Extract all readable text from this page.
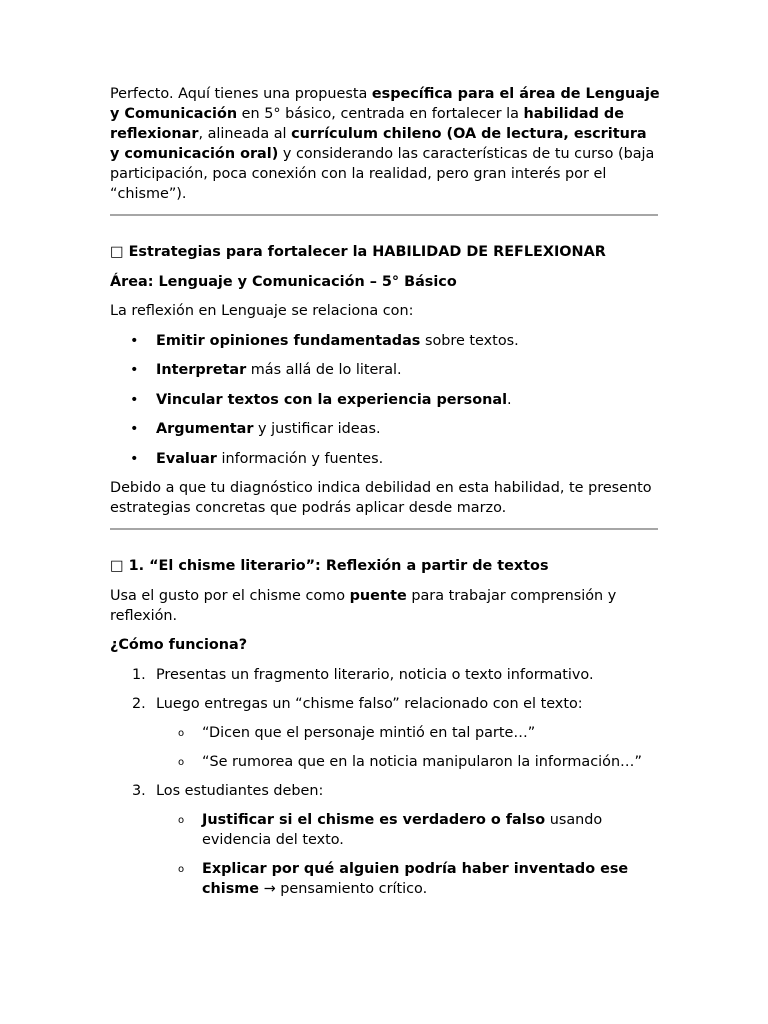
Perfecto. Aquí tienes una propuesta específica para el área de Lenguaje y Comunicación en 5° básico, centrada en fortalecer la habilidad de reflexionar, alineada al currículum chileno (OA de lectura, escritura y comunicación oral) y considerando las características de tu curso (baja participación, poca conexión con la realidad, pero gran interés por el “chisme”).

□ Estrategias para fortalecer la HABILIDAD DE REFLEXIONAR

Área: Lenguaje y Comunicación – 5° Básico

La reflexión en Lenguaje se relaciona con:

• Emitir opiniones fundamentadas sobre textos.
• Interpretar más allá de lo literal.
• Vincular textos con la experiencia personal.
• Argumentar y justificar ideas.
• Evaluar información y fuentes.

Debido a que tu diagnóstico indica debilidad en esta habilidad, te presento estrategias concretas que podrás aplicar desde marzo.

□ 1. “El chisme literario”: Reflexión a partir de textos

Usa el gusto por el chisme como puente para trabajar comprensión y reflexión.

¿Cómo funciona?

1. Presentas un fragmento literario, noticia o texto informativo.
2. Luego entregas un “chisme falso” relacionado con el texto:
o “Dicen que el personaje mintió en tal parte…”
o “Se rumorea que en la noticia manipularon la información…”
3. Los estudiantes deben:
o Justificar si el chisme es verdadero o falso usando evidencia del texto.
o Explicar por qué alguien podría haber inventado ese chisme → pensamiento crítico.
